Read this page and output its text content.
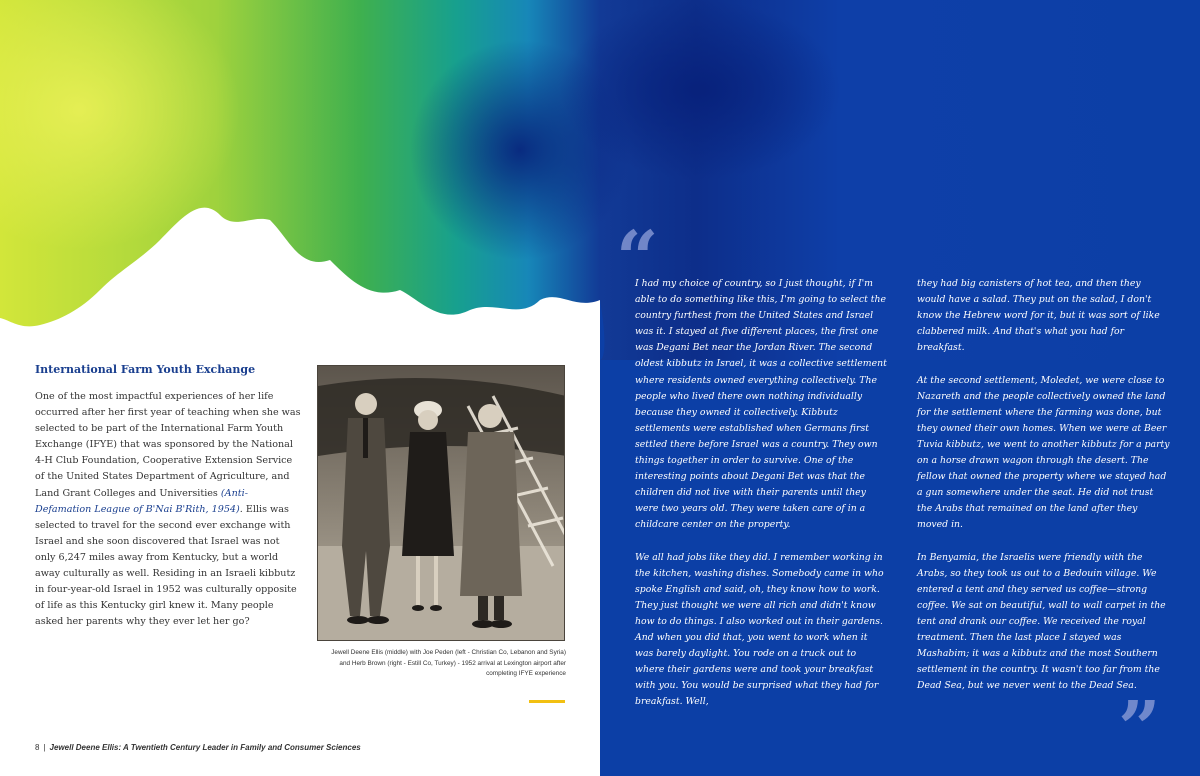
International Farm Youth Exchange
One of the most impactful experiences of her life occurred after her first year of teaching when she was selected to be part of the International Farm Youth Exchange (IFYE) that was sponsored by the National 4-H Club Foundation, Cooperative Extension Service of the United States Department of Agriculture, and Land Grant Colleges and Universities (Anti-Defamation League of B'Nai B'Rith, 1954). Ellis was selected to travel for the second ever exchange with Israel and she soon discovered that Israel was not only 6,247 miles away from Kentucky, but a world away culturally as well. Residing in an Israeli kibbutz in four-year-old Israel in 1952 was culturally opposite of life as this Kentucky girl knew it. Many people asked her parents why they ever let her go?
Jewell Deene Ellis (middle) with Joe Peden (left - Christian Co, Lebanon and Syria) and Herb Brown (right - Estill Co, Turkey) - 1952 arrival at Lexington airport after completing IFYE experience
8 | Jewell Deene Ellis: A Twentieth Century Leader in Family and Consumer Sciences
“

I had my choice of country, so I just thought, if I'm able to do something like this, I'm going to select the country furthest from the United States and Israel was it. I stayed at five different places, the first one was Degani Bet near the Jordan River. The second oldest kibbutz in Israel, it was a collective settlement where residents owned everything collectively. The people who lived there own nothing individually because they owned it collectively. Kibbutz settlements were established when Germans first settled there before Israel was a country. They own things together in order to survive. One of the interesting points about Degani Bet was that the children did not live with their parents until they were two years old. They were taken care of in a childcare center on the property.

We all had jobs like they did. I remember working in the kitchen, washing dishes. Somebody came in who spoke English and said, oh, they know how to work. They just thought we were all rich and didn't know how to do things. I also worked out in their gardens. And when you did that, you went to work when it was barely daylight. You rode on a truck out to where their gardens were and took your breakfast with you. You would be surprised what they had for breakfast. Well,

they had big canisters of hot tea, and then they would have a salad. They put on the salad, I don't know the Hebrew word for it, but it was sort of like clabbered milk. And that's what you had for breakfast.

At the second settlement, Moledet, we were close to Nazareth and the people collectively owned the land for the settlement where the farming was done, but they owned their own homes. When we were at Beer Tuvia kibbutz, we went to another kibbutz for a party on a horse drawn wagon through the desert. The fellow that owned the property where we stayed had a gun somewhere under the seat. He did not trust the Arabs that remained on the land after they moved in.

In Benyamia, the Israelis were friendly with the Arabs, so they took us out to a Bedouin village. We entered a tent and they served us coffee—strong coffee. We sat on beautiful, wall to wall carpet in the tent and drank our coffee. We received the royal treatment. Then the last place I stayed was Mashabim; it was a kibbutz and the most Southern settlement in the country. It wasn't too far from the Dead Sea, but we never went to the Dead Sea.

”
